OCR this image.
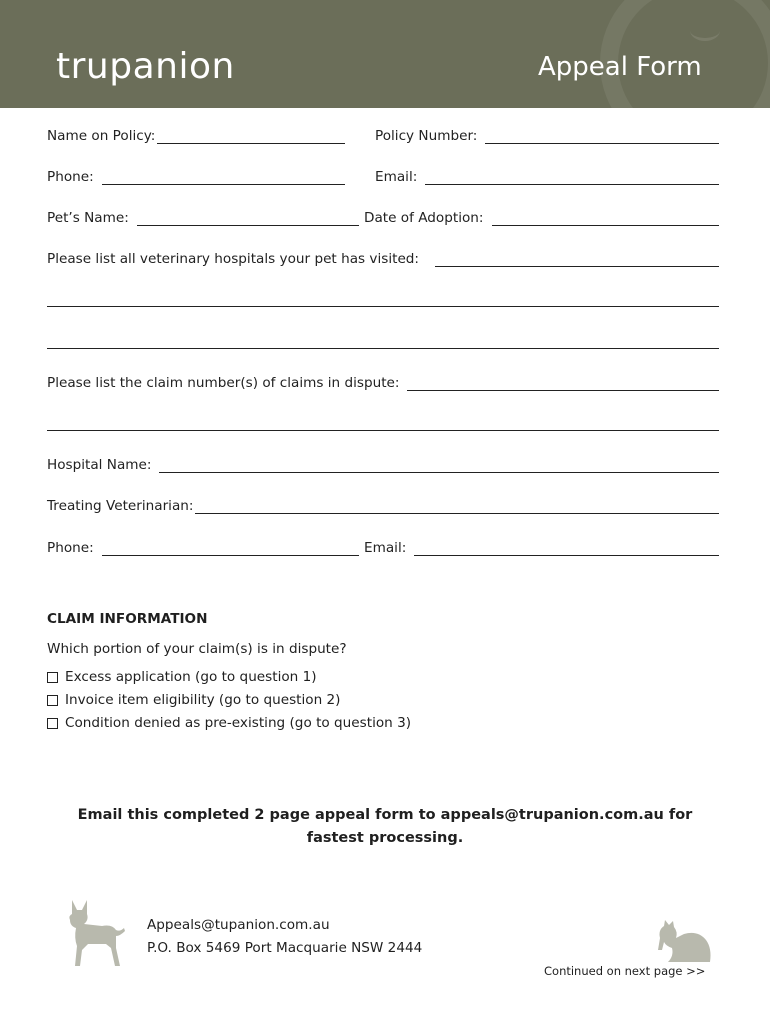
trupanion	Appeal Form
Name on Policy:	Policy Number:
Phone:	Email:
Pet’s Name:	Date of Adoption:
Please list all veterinary hospitals your pet has visited:
Please list the claim number(s) of claims in dispute:
Hospital Name:
Treating Veterinarian:
Phone:	Email:
CLAIM INFORMATION
Which portion of your claim(s) is in dispute?
Excess application (go to question 1)
Invoice item eligibility (go to question 2)
Condition denied as pre-existing (go to question 3)
Email this completed 2 page appeal form to appeals@trupanion.com.au for fastest processing.
Appeals@tupanion.com.au
P.O. Box 5469 Port Macquarie NSW 2444
Continued on next page >>
